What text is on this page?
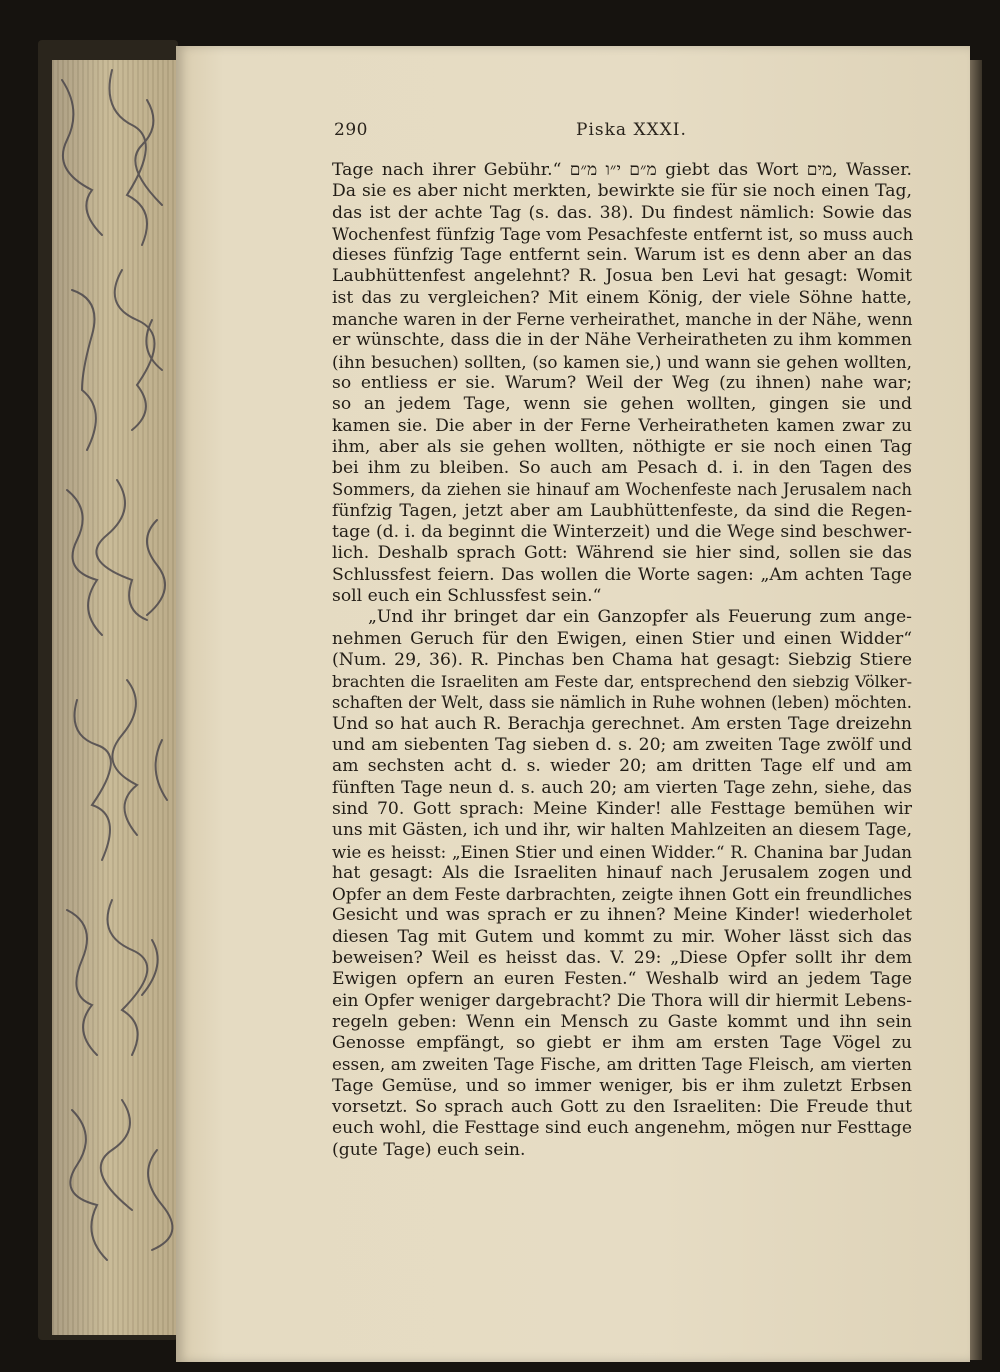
290	Piska XXXI.
Tage nach ihrer Gebühr.“ מ״ם י״ו מ״ם giebt das Wort מים, Wasser.
Da sie es aber nicht merkten, bewirkte sie für sie noch einen Tag,
das ist der achte Tag (s. das. 38). Du findest nämlich: Sowie das
Wochenfest fünfzig Tage vom Pesachfeste entfernt ist, so muss auch
dieses fünfzig Tage entfernt sein. Warum ist es denn aber an das
Laubhüttenfest angelehnt? R. Josua ben Levi hat gesagt: Womit
ist das zu vergleichen? Mit einem König, der viele Söhne hatte,
manche waren in der Ferne verheirathet, manche in der Nähe, wenn
er wünschte, dass die in der Nähe Verheiratheten zu ihm kommen
(ihn besuchen) sollten, (so kamen sie,) und wann sie gehen wollten,
so entliess er sie. Warum? Weil der Weg (zu ihnen) nahe war;
so an jedem Tage, wenn sie gehen wollten, gingen sie und
kamen sie. Die aber in der Ferne Verheiratheten kamen zwar zu
ihm, aber als sie gehen wollten, nöthigte er sie noch einen Tag
bei ihm zu bleiben. So auch am Pesach d. i. in den Tagen des
Sommers, da ziehen sie hinauf am Wochenfeste nach Jerusalem nach
fünfzig Tagen, jetzt aber am Laubhüttenfeste, da sind die Regen-
tage (d. i. da beginnt die Winterzeit) und die Wege sind beschwer-
lich. Deshalb sprach Gott: Während sie hier sind, sollen sie das
Schlussfest feiern. Das wollen die Worte sagen: „Am achten Tage
soll euch ein Schlussfest sein.“
„Und ihr bringet dar ein Ganzopfer als Feuerung zum ange-
nehmen Geruch für den Ewigen, einen Stier und einen Widder“
(Num. 29, 36). R. Pinchas ben Chama hat gesagt: Siebzig Stiere
brachten die Israeliten am Feste dar, entsprechend den siebzig Völker-
schaften der Welt, dass sie nämlich in Ruhe wohnen (leben) möchten.
Und so hat auch R. Berachja gerechnet. Am ersten Tage dreizehn
und am siebenten Tag sieben d. s. 20; am zweiten Tage zwölf und
am sechsten acht d. s. wieder 20; am dritten Tage elf und am
fünften Tage neun d. s. auch 20; am vierten Tage zehn, siehe, das
sind 70. Gott sprach: Meine Kinder! alle Festtage bemühen wir
uns mit Gästen, ich und ihr, wir halten Mahlzeiten an diesem Tage,
wie es heisst: „Einen Stier und einen Widder.“ R. Chanina bar Judan
hat gesagt: Als die Israeliten hinauf nach Jerusalem zogen und
Opfer an dem Feste darbrachten, zeigte ihnen Gott ein freundliches
Gesicht und was sprach er zu ihnen? Meine Kinder! wiederholet
diesen Tag mit Gutem und kommt zu mir. Woher lässt sich das
beweisen? Weil es heisst das. V. 29: „Diese Opfer sollt ihr dem
Ewigen opfern an euren Festen.“ Weshalb wird an jedem Tage
ein Opfer weniger dargebracht? Die Thora will dir hiermit Lebens-
regeln geben: Wenn ein Mensch zu Gaste kommt und ihn sein
Genosse empfängt, so giebt er ihm am ersten Tage Vögel zu
essen, am zweiten Tage Fische, am dritten Tage Fleisch, am vierten
Tage Gemüse, und so immer weniger, bis er ihm zuletzt Erbsen
vorsetzt. So sprach auch Gott zu den Israeliten: Die Freude thut
euch wohl, die Festtage sind euch angenehm, mögen nur Festtage
(gute Tage) euch sein.
